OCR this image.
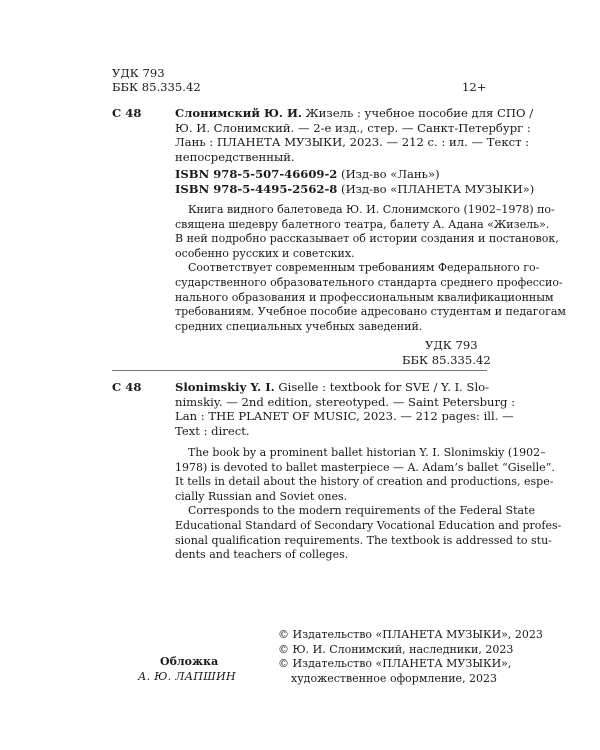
УДК 793
ББК 85.335.42	12+
С 48	Слонимский Ю. И. Жизель : учебное пособие для СПО /
Ю. И. Слонимский. — 2-е изд., стер. — Санкт-Петербург :
Лань : ПЛАНЕТА МУЗЫКИ, 2023. — 212 с. : ил. — Текст :
непосредственный.
ISBN 978-5-507-46609-2 (Изд-во «Лань»)
ISBN 978-5-4495-2562-8 (Изд-во «ПЛАНЕТА МУЗЫКИ»)
Книга видного балетоведа Ю. И. Слонимского (1902–1978) по-
священа шедевру балетного театра, балету А. Адана «Жизель».
В ней подробно рассказывает об истории создания и постановок,
особенно русских и советских.
Соответствует современным требованиям Федерального го-
сударственного образовательного стандарта среднего профессио-
нального образования и профессиональным квалификационным
требованиям. Учебное пособие адресовано студентам и педагогам
средних специальных учебных заведений.
УДК 793
ББК 85.335.42
С 48	Slonimskiy Y. I. Giselle : textbook for SVE / Y. I. Slo-
nimskiy. — 2nd edition, stereotyped. — Saint Petersburg :
Lan : THE PLANET OF MUSIC, 2023. — 212 pages: ill. —
Text : direct.
The book by a prominent ballet historian Y. I. Slonimskiy (1902–
1978) is devoted to ballet masterpiece — A. Adam’s ballet “Giselle”.
It tells in detail about the history of creation and productions, espe-
cially Russian and Soviet ones.
Corresponds to the modern requirements of the Federal State
Educational Standard of Secondary Vocational Education and profes-
sional qualification requirements. The textbook is addressed to stu-
dents and teachers of colleges.
© Издательство «ПЛАНЕТА МУЗЫКИ», 2023
© Ю. И. Слонимский, наследники, 2023
© Издательство «ПЛАНЕТА МУЗЫКИ»,
художественное оформление, 2023
Обложка
А. Ю. ЛАПШИН
